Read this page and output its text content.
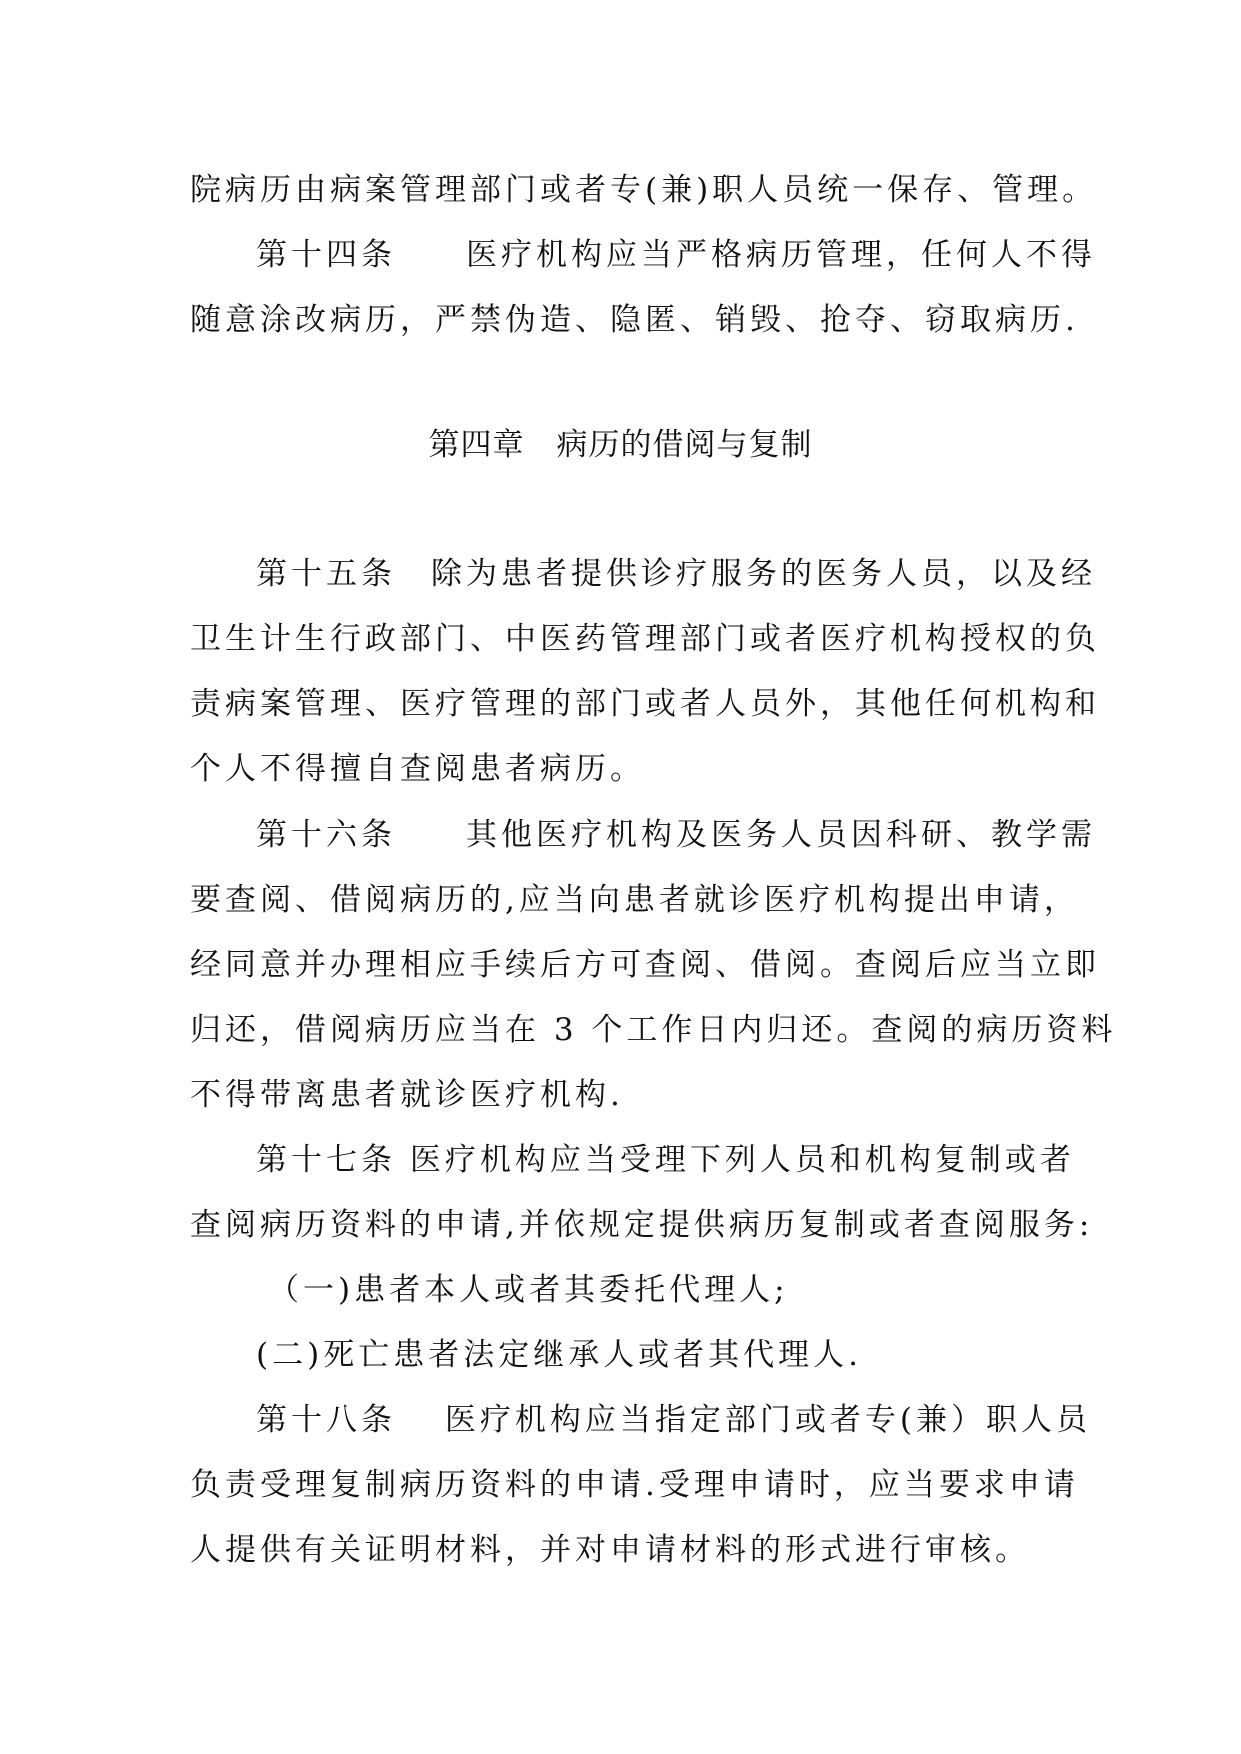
院病历由病案管理部门或者专(兼)职人员统一保存、管理。
第十四条　　医疗机构应当严格病历管理，任何人不得
随意涂改病历，严禁伪造、隐匿、销毁、抢夺、窃取病历.
第四章　病历的借阅与复制
第十五条　除为患者提供诊疗服务的医务人员，以及经
卫生计生行政部门、中医药管理部门或者医疗机构授权的负
责病案管理、医疗管理的部门或者人员外，其他任何机构和
个人不得擅自查阅患者病历。
第十六条　　其他医疗机构及医务人员因科研、教学需
要查阅、借阅病历的,应当向患者就诊医疗机构提出申请，
经同意并办理相应手续后方可查阅、借阅。查阅后应当立即
归还，借阅病历应当在 3 个工作日内归还。查阅的病历资料
不得带离患者就诊医疗机构.
第十七条 医疗机构应当受理下列人员和机构复制或者
查阅病历资料的申请,并依规定提供病历复制或者查阅服务:
（一)患者本人或者其委托代理人;
(二)死亡患者法定继承人或者其代理人.
第十八条　 医疗机构应当指定部门或者专(兼）职人员
负责受理复制病历资料的申请.受理申请时，应当要求申请
人提供有关证明材料，并对申请材料的形式进行审核。
